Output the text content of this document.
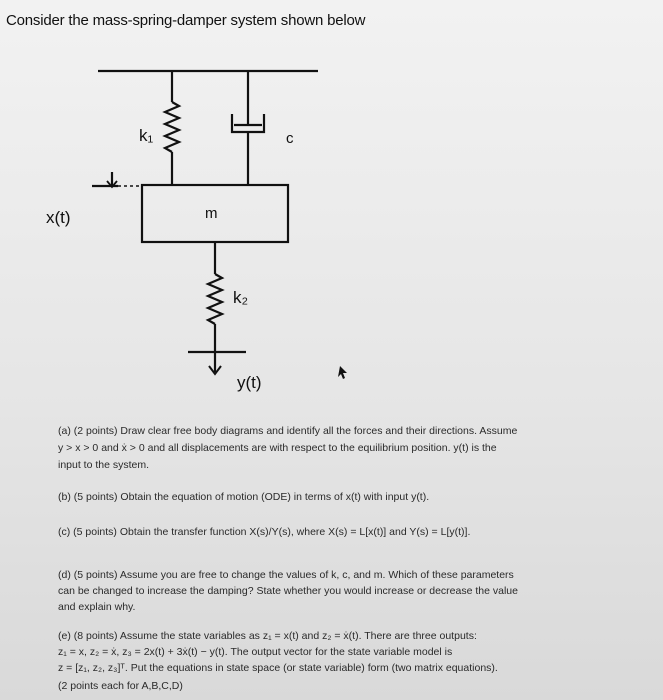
Consider the mass-spring-damper system shown below
k₁	c
x(t)	m
k₂
y(t)
(a) (2 points) Draw clear free body diagrams and identify all the forces and their directions. Assume
y > x > 0 and ẋ > 0 and all displacements are with respect to the equilibrium position. y(t) is the
input to the system.
(b) (5 points) Obtain the equation of motion (ODE) in terms of x(t) with input y(t).
(c) (5 points) Obtain the transfer function X(s)/Y(s), where X(s) = L[x(t)] and Y(s) = L[y(t)].
(d) (5 points) Assume you are free to change the values of k, c, and m. Which of these parameters
can be changed to increase the damping? State whether you would increase or decrease the value
and explain why.
(e) (8 points) Assume the state variables as z₁ = x(t) and z₂ = ẋ(t). There are three outputs:
z₁ = x, z₂ = ẋ, z₃ = 2x(t) + 3ẋ(t) − y(t). The output vector for the state variable model is
z = [z₁, z₂, z₃]ᵀ. Put the equations in state space (or state variable) form (two matrix equations).
(2 points each for A,B,C,D)
